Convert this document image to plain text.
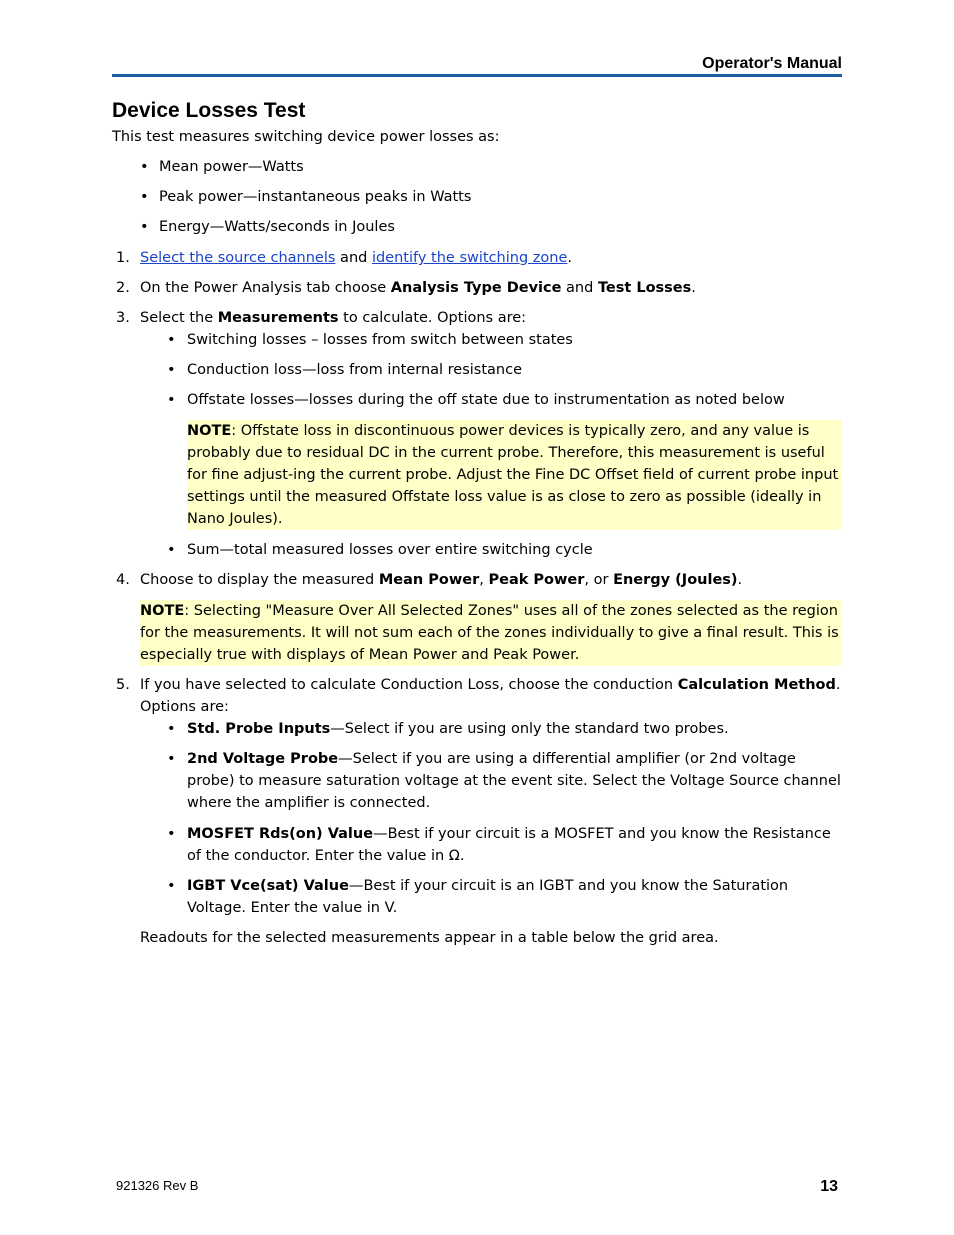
Operator's Manual
Device Losses Test

This test measures switching device power losses as:

• Mean power—Watts
• Peak power—instantaneous peaks in Watts
• Energy—Watts/seconds in Joules
1. Select the source channels and identify the switching zone.
2. On the Power Analysis tab choose Analysis Type Device and Test Losses.
3. Select the Measurements to calculate. Options are:
• Switching losses – losses from switch between states
• Conduction loss—loss from internal resistance
• Offstate losses—losses during the off state due to instrumentation as noted below

NOTE: Offstate loss in discontinuous power devices is typically zero, and any value is probably due to residual DC in the current probe. Therefore, this measurement is useful for fine adjust-ing the current probe. Adjust the Fine DC Offset field of current probe input settings until the measured Offstate loss value is as close to zero as possible (ideally in Nano Joules).

• Sum—total measured losses over entire switching cycle
4. Choose to display the measured Mean Power, Peak Power, or Energy (Joules).

NOTE: Selecting "Measure Over All Selected Zones" uses all of the zones selected as the region for the measurements. It will not sum each of the zones individually to give a final result. This is especially true with displays of Mean Power and Peak Power.

5. If you have selected to calculate Conduction Loss, choose the conduction Calculation Method. Options are:
• Std. Probe Inputs—Select if you are using only the standard two probes.
• 2nd Voltage Probe—Select if you are using a differential amplifier (or 2nd voltage probe) to measure saturation voltage at the event site. Select the Voltage Source channel where the amplifier is connected.
• MOSFET Rds(on) Value—Best if your circuit is a MOSFET and you know the Resistance of the conductor. Enter the value in Ω.
• IGBT Vce(sat) Value—Best if your circuit is an IGBT and you know the Saturation Voltage. Enter the value in V.

Readouts for the selected measurements appear in a table below the grid area.

921326 Rev B	13
